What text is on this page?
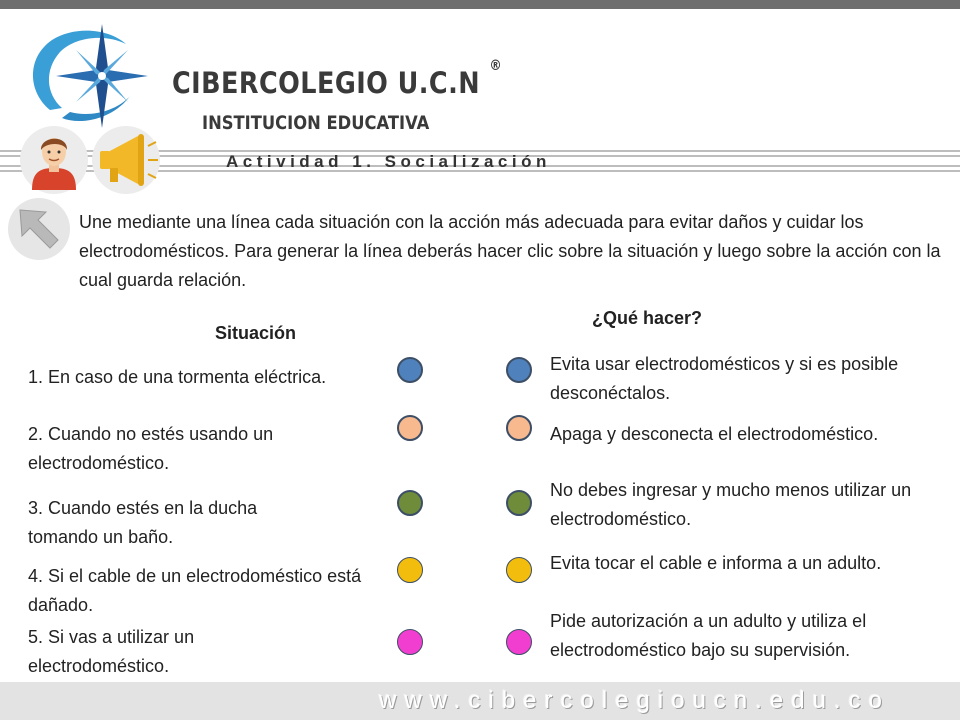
CIBERCOLEGIO U.C.N ®

INSTITUCION EDUCATIVA

Actividad 1. Socialización

Une mediante una línea cada situación con la acción más adecuada para evitar daños y cuidar los electrodomésticos. Para generar la línea deberás hacer clic sobre la situación y luego sobre la acción con la cual guarda relación.

Situación

¿Qué hacer?

1. En caso de una tormenta eléctrica.
2. Cuando no estés usando un electrodoméstico.
3. Cuando estés en la ducha tomando un baño.
4. Si el cable de un electrodoméstico está dañado.
5. Si vas a utilizar un electrodoméstico.
Evita usar electrodomésticos y si es posible desconéctalos.
Apaga y desconecta el electrodoméstico.
No debes ingresar y mucho menos utilizar un electrodoméstico.
Evita tocar el cable e informa a un adulto.
Pide autorización a un adulto y utiliza el electrodoméstico bajo su supervisión.

www.cibercolegioucn.edu.co
